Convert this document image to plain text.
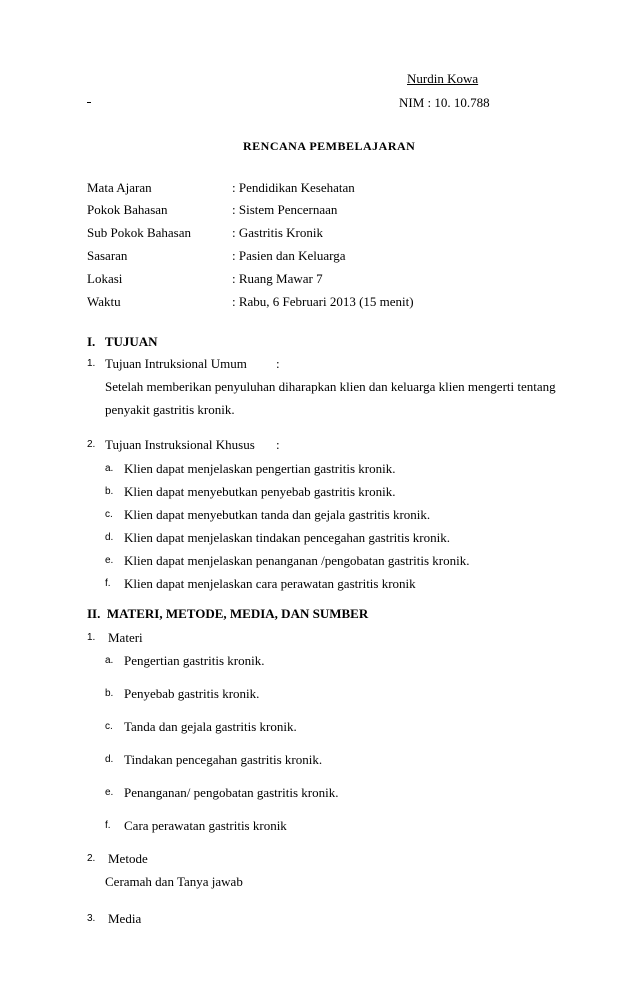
Nurdin Kowa
NIM : 10. 10.788
RENCANA PEMBELAJARAN
Mata Ajaran	: Pendidikan Kesehatan
Pokok Bahasan	: Sistem Pencernaan
Sub Pokok Bahasan	: Gastritis Kronik
Sasaran	: Pasien dan Keluarga
Lokasi	: Ruang Mawar 7
Waktu	: Rabu, 6 Februari 2013 (15 menit)
I.   TUJUAN
1. Tujuan Intruksional Umum :
Setelah memberikan penyuluhan diharapkan klien dan keluarga klien mengerti tentang
penyakit gastritis kronik.
2. Tujuan Instruksional Khusus :
a. Klien dapat menjelaskan pengertian gastritis kronik.
b. Klien dapat menyebutkan penyebab gastritis kronik.
c. Klien dapat menyebutkan tanda dan gejala gastritis kronik.
d. Klien dapat menjelaskan tindakan pencegahan gastritis kronik.
e. Klien dapat menjelaskan penanganan /pengobatan gastritis kronik.
f. Klien dapat menjelaskan cara perawatan gastritis kronik
II.  MATERI, METODE, MEDIA, DAN SUMBER
1. Materi
a. Pengertian gastritis kronik.
b. Penyebab gastritis kronik.
c. Tanda dan gejala gastritis kronik.
d. Tindakan pencegahan gastritis kronik.
e. Penanganan/ pengobatan gastritis kronik.
f. Cara perawatan gastritis kronik
2. Metode
Ceramah dan Tanya jawab
3. Media
